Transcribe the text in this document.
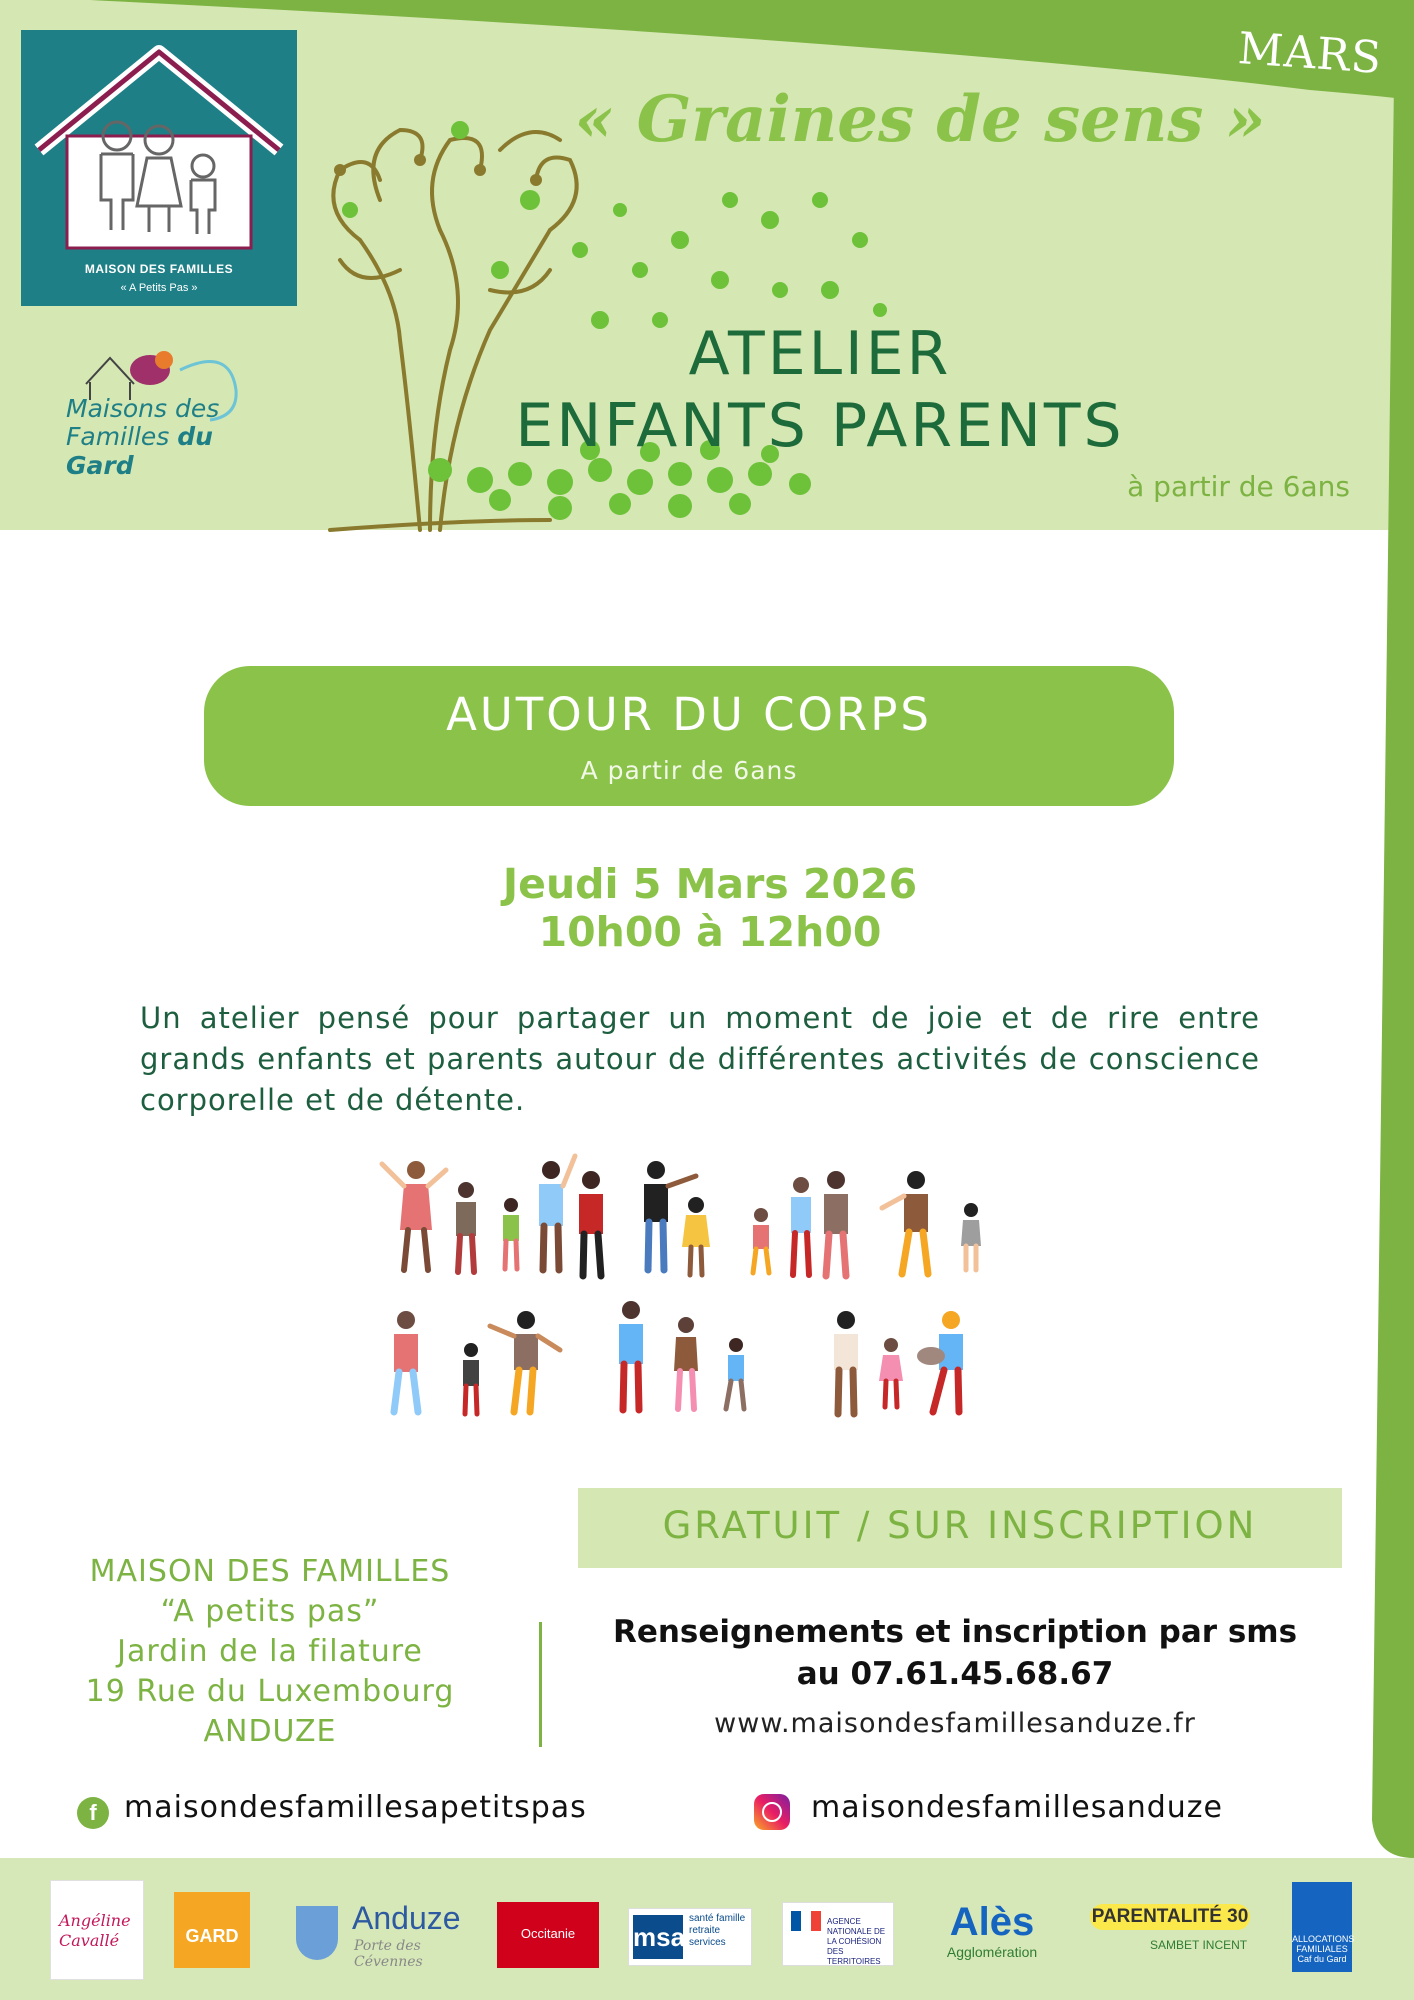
MARS
MAISON DES FAMILLES
« A Petits Pas »
Maisons des
Familles du Gard
« Graines de sens »
ATELIER
ENFANTS PARENTS
à partir de 6ans
AUTOUR DU CORPS
A partir de 6ans
Jeudi 5 Mars 2026
10h00 à 12h00
Un atelier pensé pour partager un moment de joie et de rire entre grands enfants et parents autour de différentes activités de conscience corporelle et de détente.
GRATUIT / SUR INSCRIPTION
MAISON DES FAMILLES
“A petits pas”
Jardin de la filature
19 Rue du Luxembourg
ANDUZE
Renseignements et inscription par sms
au 07.61.45.68.67
www.maisondesfamillesanduze.fr
f maisondesfamillesapetitspas	maisondesfamillesanduze
Angéline Cavallé	GARD	Anduze
Porte des Cévennes
Occitanie	msa
santé famille retraite services
AGENCE NATIONALE DE LA COHÉSION DES TERRITOIRES
Alès
Agglomération
PARENTALITÉ 30
SAMBET INCENT	ALLOCATIONS FAMILIALES Caf du Gard
